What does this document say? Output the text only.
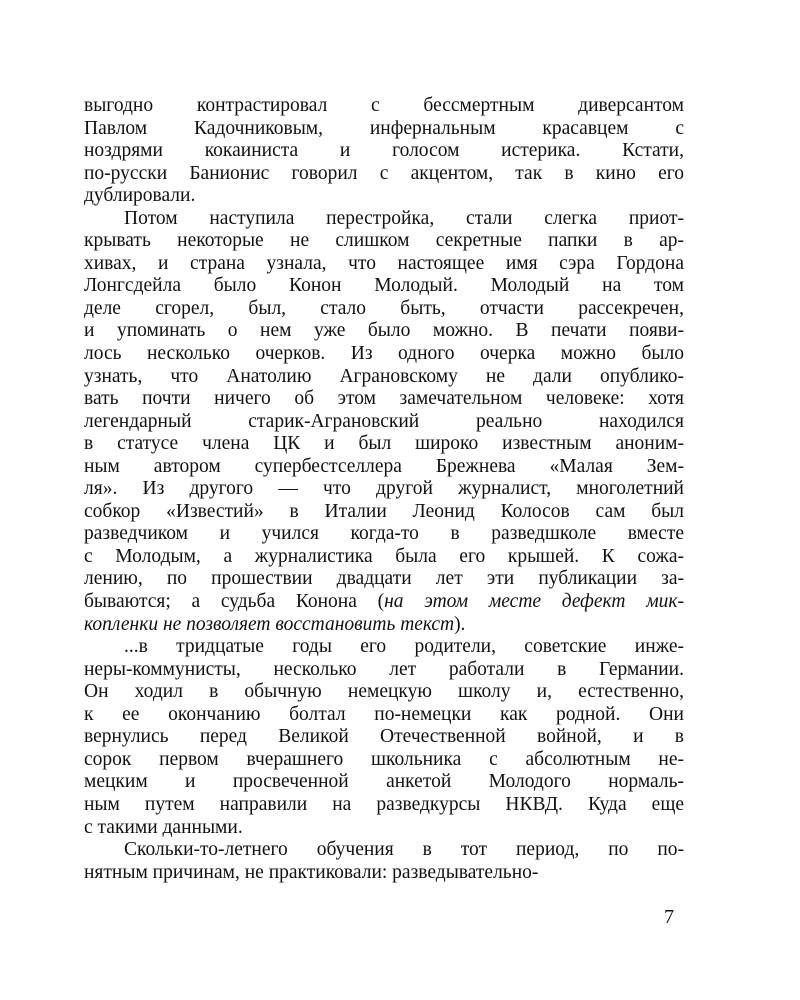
выгодно контрастировал с бессмертным диверсантом
Павлом Кадочниковым, инфернальным красавцем с
ноздрями кокаиниста и голосом истерика. Кстати,
по-русски Банионис говорил с акцентом, так в кино его
дублировали.
Потом наступила перестройка, стали слегка приот-
крывать некоторые не слишком секретные папки в ар-
хивах, и страна узнала, что настоящее имя сэра Гордона
Лонгсдейла было Конон Молодый. Молодый на том
деле сгорел, был, стало быть, отчасти рассекречен,
и упоминать о нем уже было можно. В печати появи-
лось несколько очерков. Из одного очерка можно было
узнать, что Анатолию Аграновскому не дали опублико-
вать почти ничего об этом замечательном человеке: хотя
легендарный старик-Аграновский реально находился
в статусе члена ЦК и был широко известным аноним-
ным автором супербестселлера Брежнева «Малая Зем-
ля». Из другого — что другой журналист, многолетний
собкор «Известий» в Италии Леонид Колосов сам был
разведчиком и учился когда-то в разведшколе вместе
с Молодым, а журналистика была его крышей. К сожа-
лению, по прошествии двадцати лет эти публикации за-
бываются; а судьба Конона (на этом месте дефект мик-
копленки не позволяет восстановить текст).
...в тридцатые годы его родители, советские инже-
неры-коммунисты, несколько лет работали в Германии.
Он ходил в обычную немецкую школу и, естественно,
к ее окончанию болтал по-немецки как родной. Они
вернулись перед Великой Отечественной войной, и в
сорок первом вчерашнего школьника с абсолютным не-
мецким и просвеченной анкетой Молодого нормаль-
ным путем направили на разведкурсы НКВД. Куда еще
с такими данными.
Скольки-то-летнего обучения в тот период, по по-
нятным причинам, не практиковали: разведывательно-
7
